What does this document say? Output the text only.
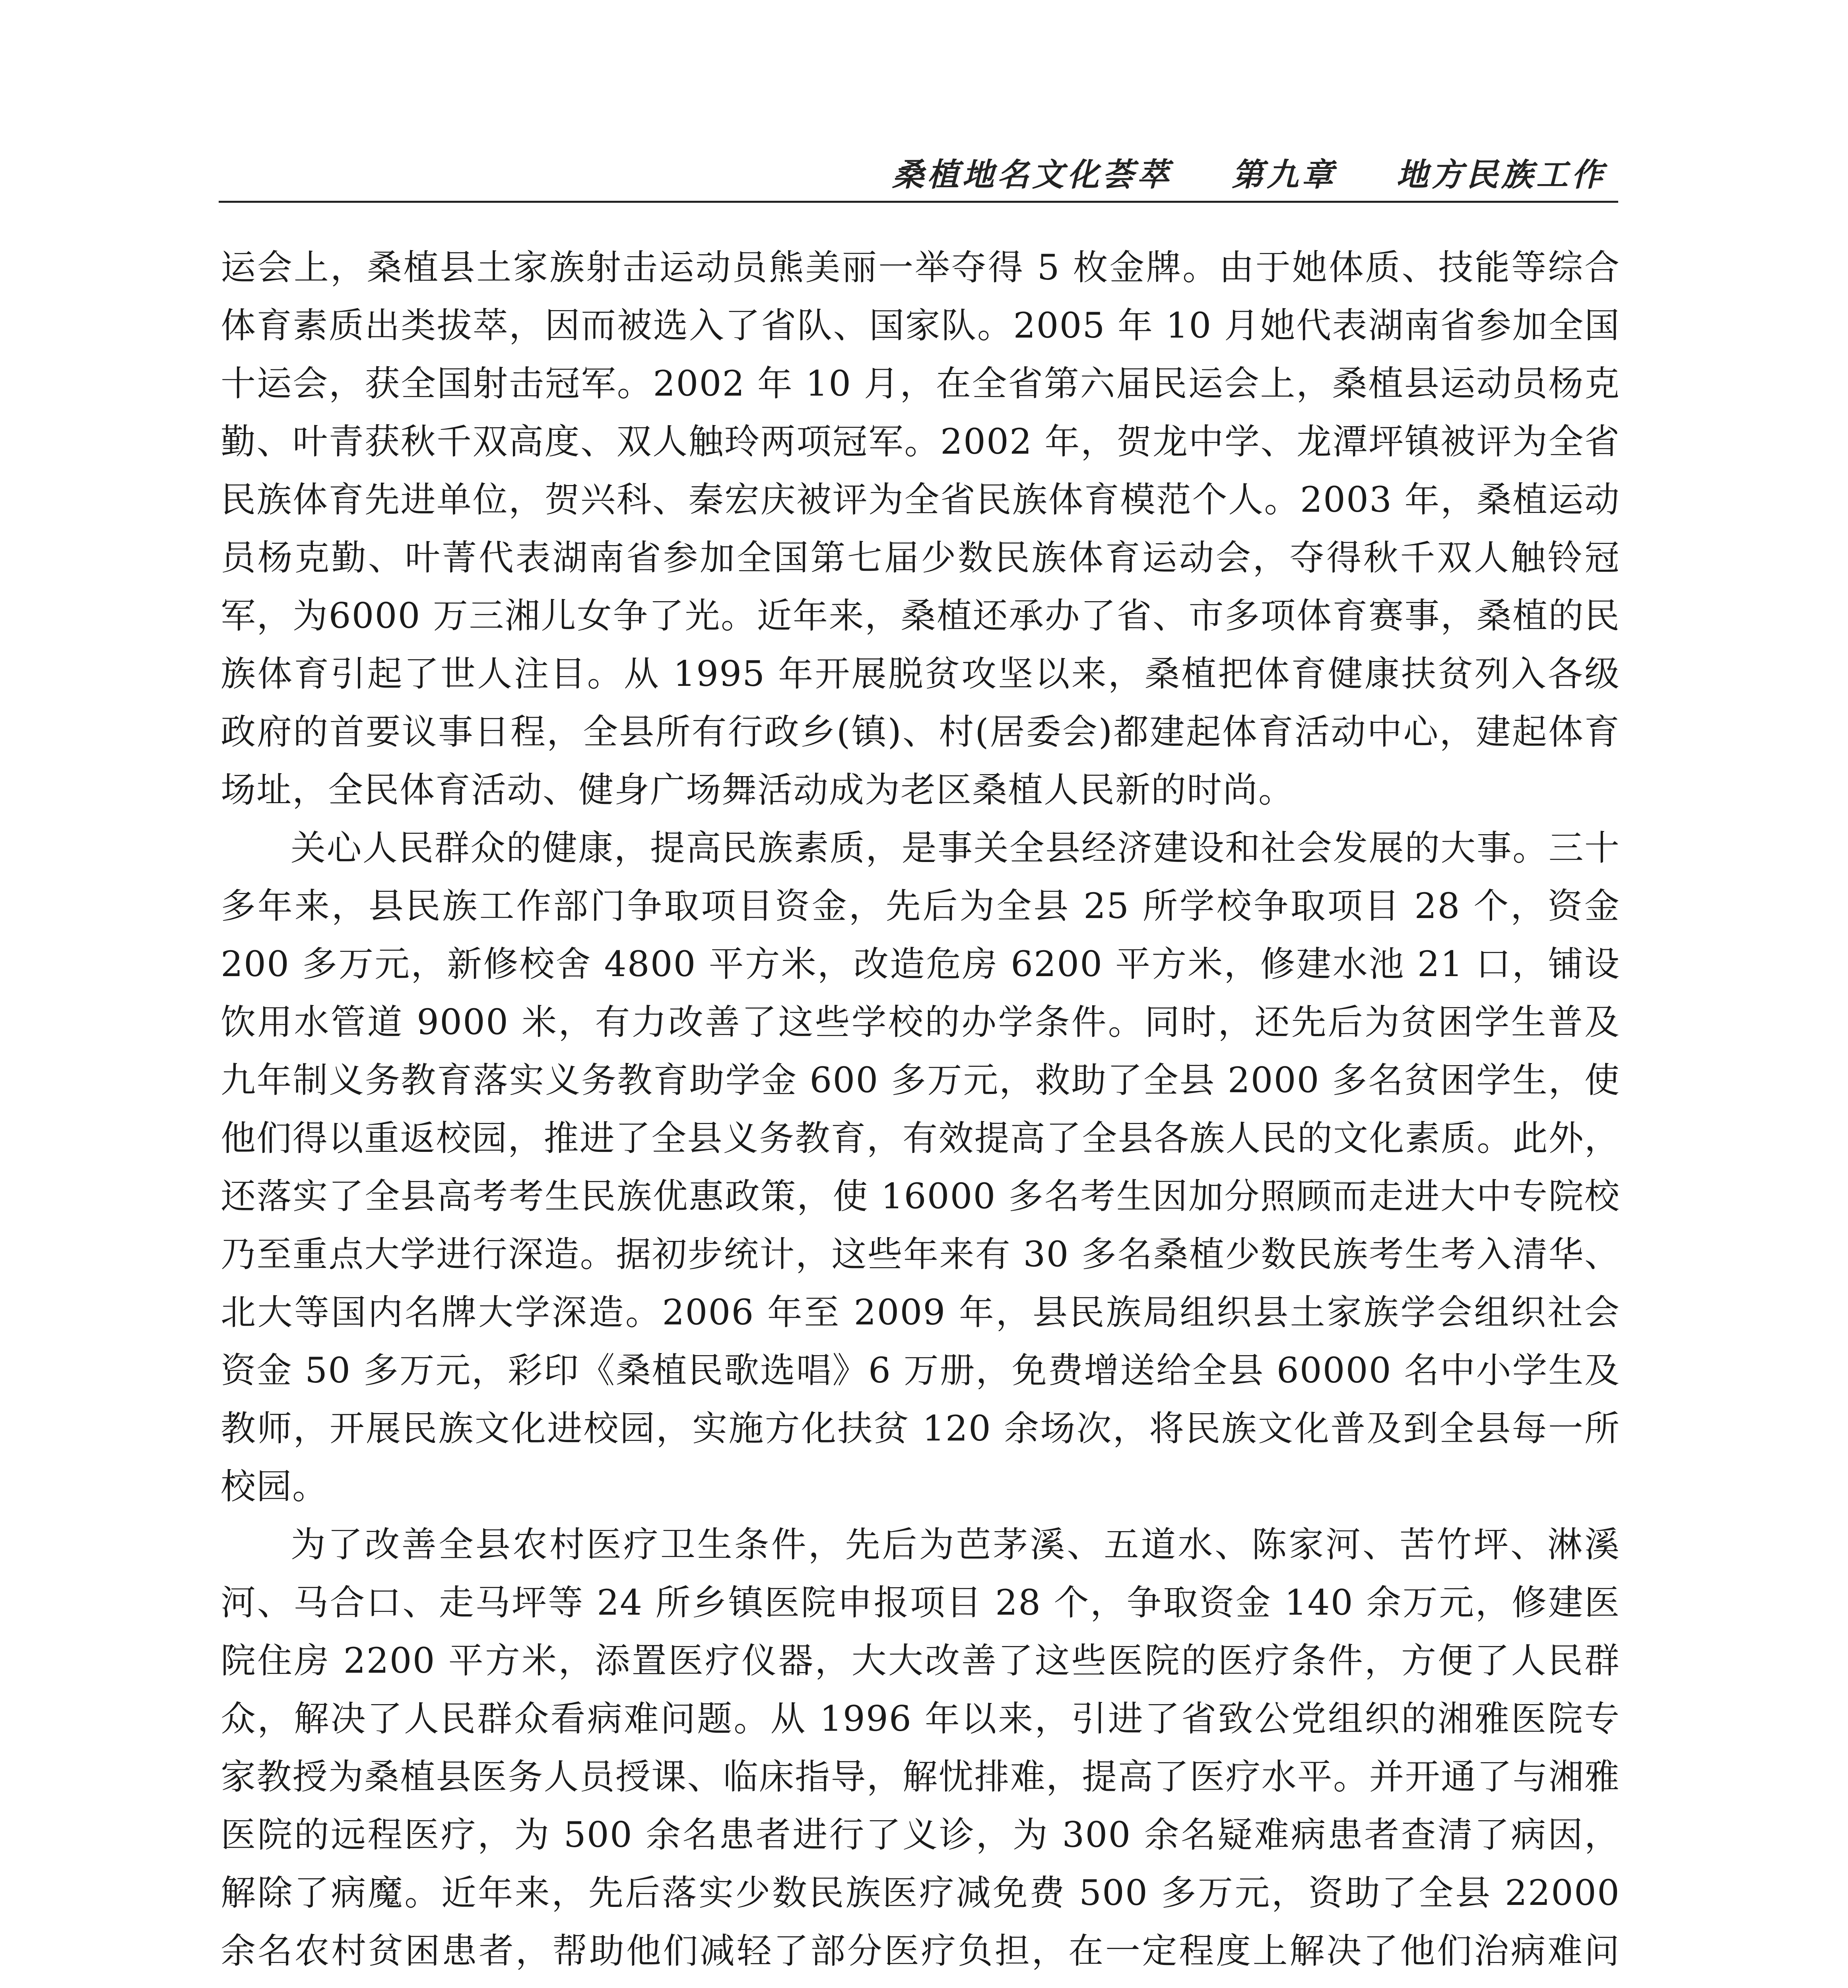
桑植地名文化荟萃 第九章 地方民族工作

运会上，桑植县土家族射击运动员熊美丽一举夺得 5 枚金牌。由于她体质、技能等综合体育素质出类拔萃，因而被选入了省队、国家队。2005 年 10 月她代表湖南省参加全国十运会，获全国射击冠军。2002 年 10 月，在全省第六届民运会上，桑植县运动员杨克勤、叶青获秋千双高度、双人触玲两项冠军。2002 年，贺龙中学、龙潭坪镇被评为全省民族体育先进单位，贺兴科、秦宏庆被评为全省民族体育模范个人。2003 年，桑植运动员杨克勤、叶菁代表湖南省参加全国第七届少数民族体育运动会，夺得秋千双人触铃冠军，为6000 万三湘儿女争了光。近年来，桑植还承办了省、市多项体育赛事，桑植的民族体育引起了世人注目。从 1995 年开展脱贫攻坚以来，桑植把体育健康扶贫列入各级政府的首要议事日程，全县所有行政乡(镇)、村(居委会)都建起体育活动中心，建起体育场址，全民体育活动、健身广场舞活动成为老区桑植人民新的时尚。

关心人民群众的健康，提高民族素质，是事关全县经济建设和社会发展的大事。三十多年来，县民族工作部门争取项目资金，先后为全县 25 所学校争取项目 28 个，资金 200 多万元，新修校舍 4800 平方米，改造危房 6200 平方米，修建水池 21 口，铺设饮用水管道 9000 米，有力改善了这些学校的办学条件。同时，还先后为贫困学生普及九年制义务教育落实义务教育助学金 600 多万元，救助了全县 2000 多名贫困学生，使他们得以重返校园，推进了全县义务教育，有效提高了全县各族人民的文化素质。此外，还落实了全县高考考生民族优惠政策，使 16000 多名考生因加分照顾而走进大中专院校乃至重点大学进行深造。据初步统计，这些年来有 30 多名桑植少数民族考生考入清华、北大等国内名牌大学深造。2006 年至 2009 年，县民族局组织县土家族学会组织社会资金 50 多万元，彩印《桑植民歌选唱》6 万册，免费增送给全县 60000 名中小学生及教师，开展民族文化进校园，实施方化扶贫 120 余场次，将民族文化普及到全县每一所校园。

为了改善全县农村医疗卫生条件，先后为芭茅溪、五道水、陈家河、苦竹坪、淋溪河、马合口、走马坪等 24 所乡镇医院申报项目 28 个，争取资金 140 余万元，修建医院住房 2200 平方米，添置医疗仪器，大大改善了这些医院的医疗条件，方便了人民群众，解决了人民群众看病难问题。从 1996 年以来，引进了省致公党组织的湘雅医院专家教授为桑植县医务人员授课、临床指导，解忧排难，提高了医疗水平。并开通了与湘雅医院的远程医疗，为 500 余名患者进行了义诊，为 300 余名疑难病患者查清了病因，解除了病魔。近年来，先后落实少数民族医疗减免费 500 多万元，资助了全县 22000 余名农村贫困患者，帮助他们减轻了部分医疗负担，在一定程度上解决了他们治病难问
